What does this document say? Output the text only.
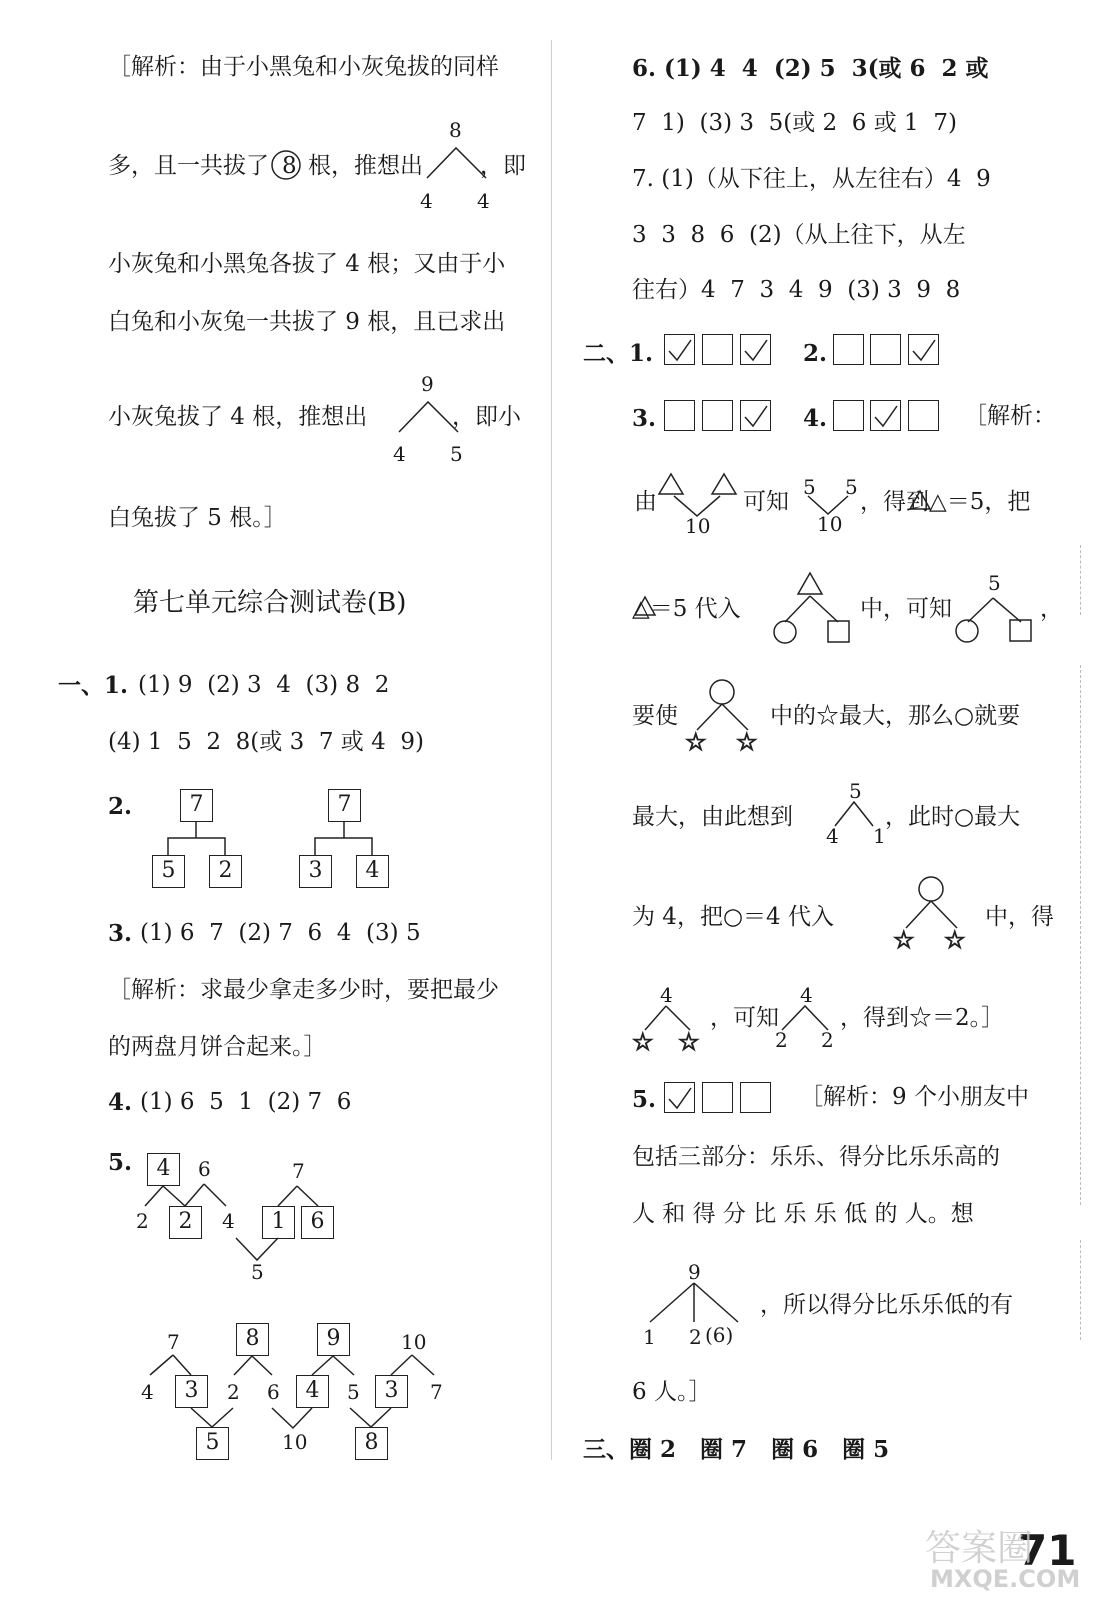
［解析：由于小黑兔和小灰兔拔的同样
多，且一共拔了 8 根，推想出
8
4 4
，即
小灰兔和小黑兔各拔了 4 根；又由于小
白兔和小灰兔一共拔了 9 根，且已求出
小灰兔拔了 4 根，推想出
9
4 5
，即小
白兔拔了 5 根。］
第七单元综合测试卷(B)
一、1. (1) 9  (2) 3  4  (3) 8  2
(4) 1  5  2  8(或 3  7 或 4  9)
2.	7
5	2
7
3	4
3. (1) 6  7  (2) 7  6  4  (3) 5
［解析：求最少拿走多少时，要把最少
的两盘月饼合起来。］
4. (1) 6  5  1  (2) 7  6
5.	4	6	7
2	2	4	1	6
5
7	8	9	10
4	3	2 6	4	5	3	7
5	10	8
6. (1) 4  4  (2) 5  3(或 6  2 或
7  1)  (3) 3  5(或 2  6 或 1  7)
7. (1)（从下往上，从左往右）4  9
3  3  8  6  (2)（从上往下，从左
往右）4  7  3  4  9  (3) 3  9  8
二、1.	2.
3.	4.	［解析：
由
10
可知
5 5
10
，得到△＝5，把
△＝5 代入	中，可知
5
，
要使	中的☆最大，那么○就要
最大，由此想到
5
4 1
，此时○最大
为 4，把○＝4 代入	中，得
4
，可知
4
2 2
，得到☆＝2。］
5.	［解析：9 个小朋友中
包括三部分：乐乐、得分比乐乐高的
人 和 得 分 比 乐 乐 低 的 人。想
9
1 2 (6)
，所以得分比乐乐低的有
6 人。］
三、圈 2   圈 7   圈 6   圈 5
71
答案圈
MXQE.COM
☆ ☆
☆ ☆
☆ ☆
